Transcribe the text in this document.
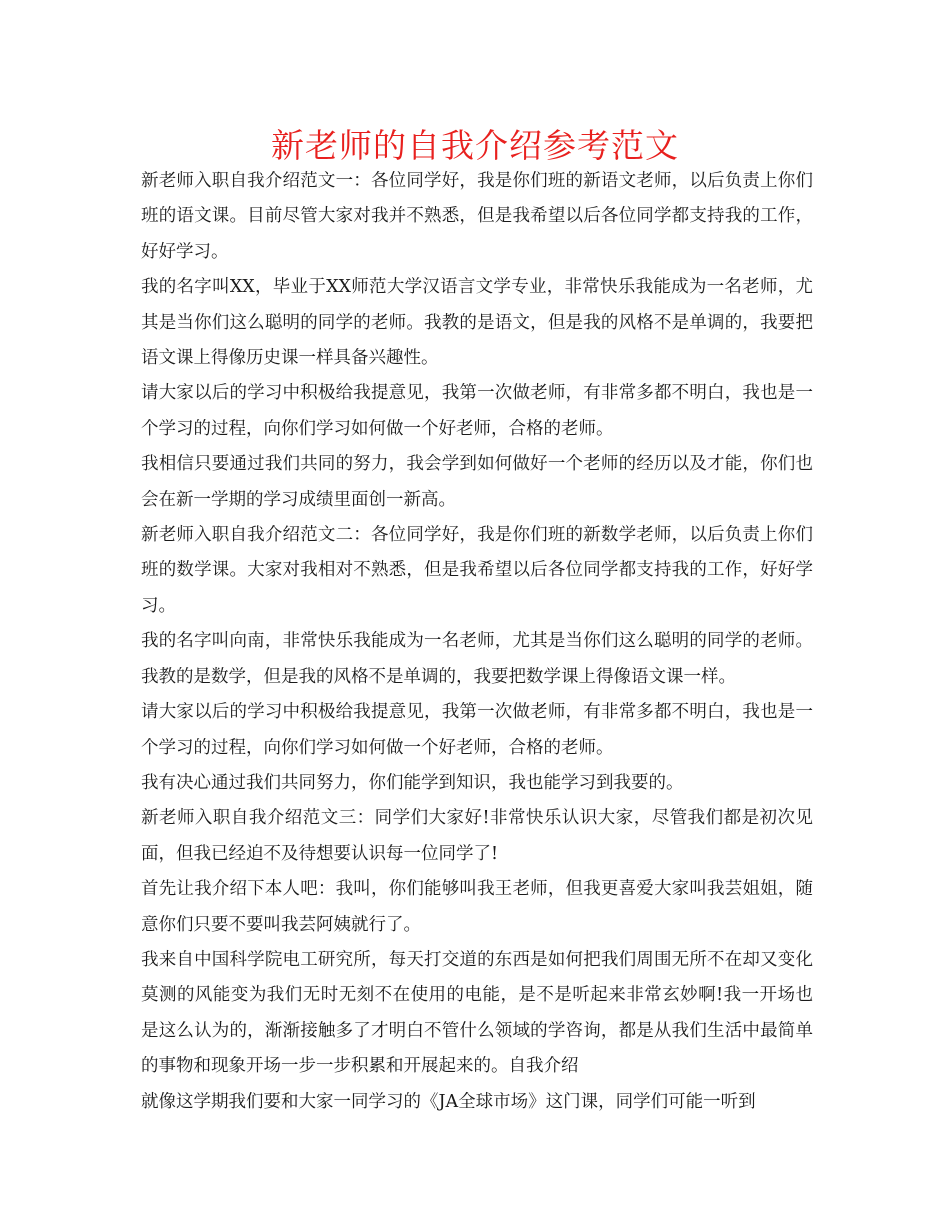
新老师的自我介绍参考范文

新老师入职自我介绍范文一：各位同学好，我是你们班的新语文老师，以后负责上你们班的语文课。目前尽管大家对我并不熟悉，但是我希望以后各位同学都支持我的工作，好好学习。

我的名字叫XX，毕业于XX师范大学汉语言文学专业，非常快乐我能成为一名老师，尤其是当你们这么聪明的同学的老师。我教的是语文，但是我的风格不是单调的，我要把语文课上得像历史课一样具备兴趣性。

请大家以后的学习中积极给我提意见，我第一次做老师，有非常多都不明白，我也是一个学习的过程，向你们学习如何做一个好老师，合格的老师。

我相信只要通过我们共同的努力，我会学到如何做好一个老师的经历以及才能，你们也会在新一学期的学习成绩里面创一新高。

新老师入职自我介绍范文二：各位同学好，我是你们班的新数学老师，以后负责上你们班的数学课。大家对我相对不熟悉，但是我希望以后各位同学都支持我的工作，好好学习。

我的名字叫向南，非常快乐我能成为一名老师，尤其是当你们这么聪明的同学的老师。我教的是数学，但是我的风格不是单调的，我要把数学课上得像语文课一样。

请大家以后的学习中积极给我提意见，我第一次做老师，有非常多都不明白，我也是一个学习的过程，向你们学习如何做一个好老师，合格的老师。

我有决心通过我们共同努力，你们能学到知识，我也能学习到我要的。

新老师入职自我介绍范文三：同学们大家好!非常快乐认识大家，尽管我们都是初次见面，但我已经迫不及待想要认识每一位同学了!

首先让我介绍下本人吧：我叫，你们能够叫我王老师，但我更喜爱大家叫我芸姐姐，随意你们只要不要叫我芸阿姨就行了。

我来自中国科学院电工研究所，每天打交道的东西是如何把我们周围无所不在却又变化莫测的风能变为我们无时无刻不在使用的电能，是不是听起来非常玄妙啊!我一开场也是这么认为的，渐渐接触多了才明白不管什么领域的学咨询，都是从我们生活中最简单的事物和现象开场一步一步积累和开展起来的。自我介绍

就像这学期我们要和大家一同学习的《JA全球市场》这门课，同学们可能一听到
